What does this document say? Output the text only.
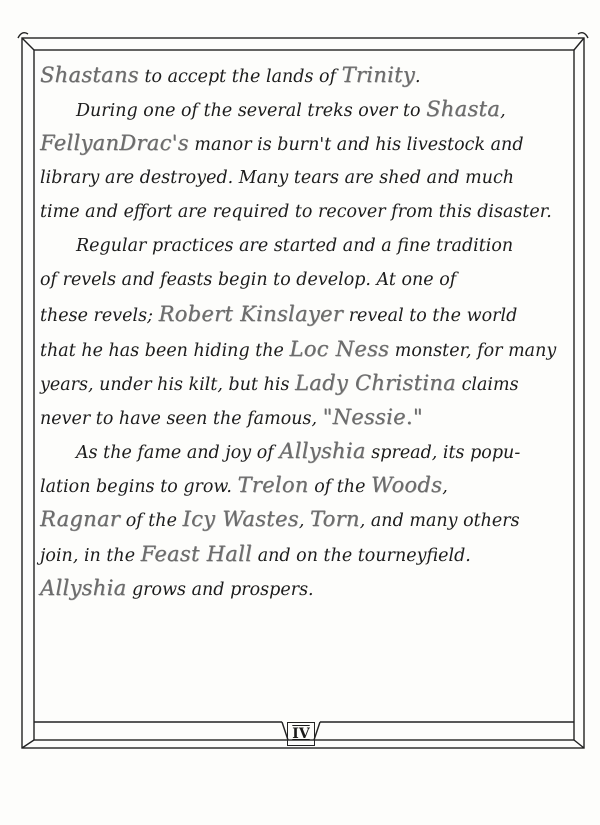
IV
Shastans to accept the lands of Trinity.
During one of the several treks over to Shasta,
FellyanDrac's manor is burn't and his livestock and
library are destroyed. Many tears are shed and much
time and effort are required to recover from this disaster.
Regular practices are started and a fine tradition
of revels and feasts begin to develop. At one of
these revels; Robert Kinslayer reveal to the world
that he has been hiding the Loc Ness monster, for many
years, under his kilt, but his Lady Christina claims
never to have seen the famous, "Nessie."
As the fame and joy of Allyshia spread, its popu-
lation begins to grow. Trelon of the Woods,
Ragnar of the Icy Wastes, Torn, and many others
join, in the Feast Hall and on the tourneyfield.
Allyshia grows and prospers.
